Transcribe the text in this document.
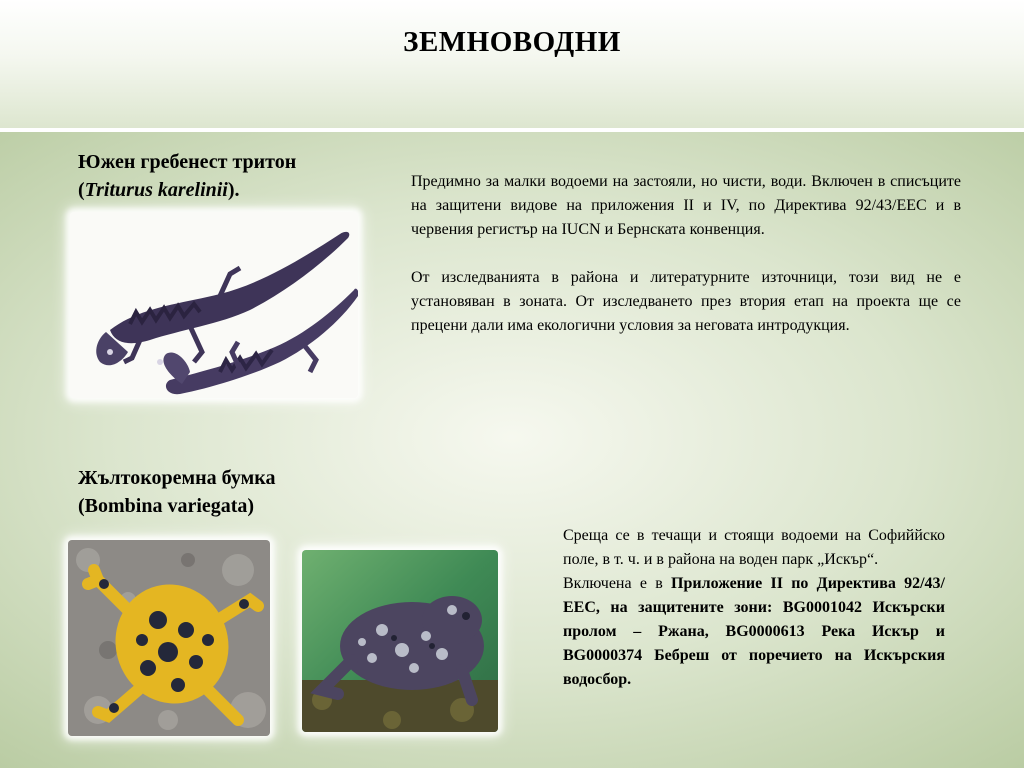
ЗЕМНОВОДНИ
Южен гребенест тритон
(Triturus karelinii).	Предимно за малки водоеми на застояли, но чисти, води. Включен в списъците на защитени видове на приложения II и IV, по Директива 92/43/ЕЕС и в червения регистър на IUCN и Бернската конвенция.

От изследванията в района и литературните източници, този вид не е установяван в зоната. От изследването през втория етап на проекта ще се прецени дали има екологични условия за неговата интродукция.

Жълтокоремна бумка
(Bombina variegata)

Среща се в течащи и стоящи водоеми на Софиййско поле, в т. ч. и в района на воден парк „Искър“.

Включена е в Приложение II по Директива 92/43/ЕЕС, на защитените зони: BG0001042 Искърски пролом – Ржана, BG0000613 Река Искър и BG0000374 Бебреш от поречието на Искърския водосбор.
